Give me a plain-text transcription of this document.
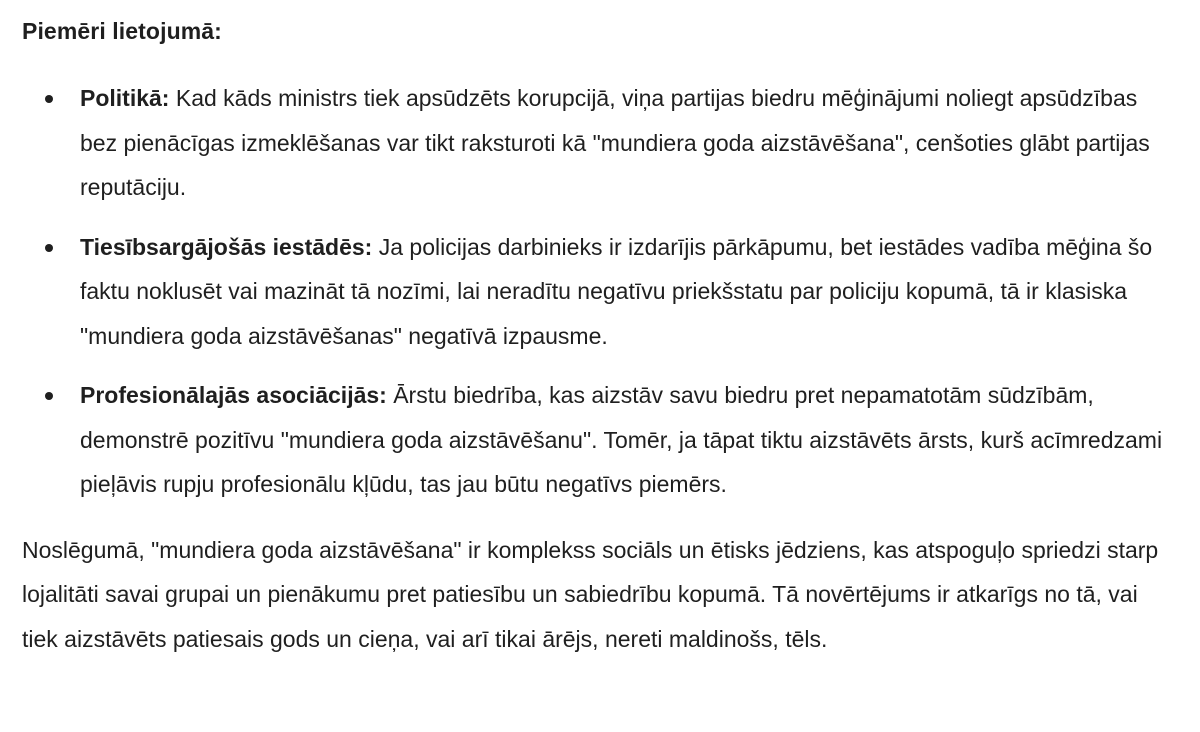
Piemēri lietojumā:
Politikā: Kad kāds ministrs tiek apsūdzēts korupcijā, viņa partijas biedru mēģinājumi noliegt apsūdzības bez pienācīgas izmeklēšanas var tikt raksturoti kā "mundiera goda aizstāvēšana", cenšoties glābt partijas reputāciju.
Tiesībsargājošās iestādēs: Ja policijas darbinieks ir izdarījis pārkāpumu, bet iestādes vadība mēģina šo faktu noklusēt vai mazināt tā nozīmi, lai neradītu negatīvu priekšstatu par policiju kopumā, tā ir klasiska "mundiera goda aizstāvēšanas" negatīvā izpausme.
Profesionālajās asociācijās: Ārstu biedrība, kas aizstāv savu biedru pret nepamatotām sūdzībām, demonstrē pozitīvu "mundiera goda aizstāvēšanu". Tomēr, ja tāpat tiktu aizstāvēts ārsts, kurš acīmredzami pieļāvis rupju profesionālu kļūdu, tas jau būtu negatīvs piemērs.

Noslēgumā, "mundiera goda aizstāvēšana" ir komplekss sociāls un ētisks jēdziens, kas atspoguļo spriedzi starp lojalitāti savai grupai un pienākumu pret patiesību un sabiedrību kopumā. Tā novērtējums ir atkarīgs no tā, vai tiek aizstāvēts patiesais gods un cieņa, vai arī tikai ārējs, nereti maldinošs, tēls.
